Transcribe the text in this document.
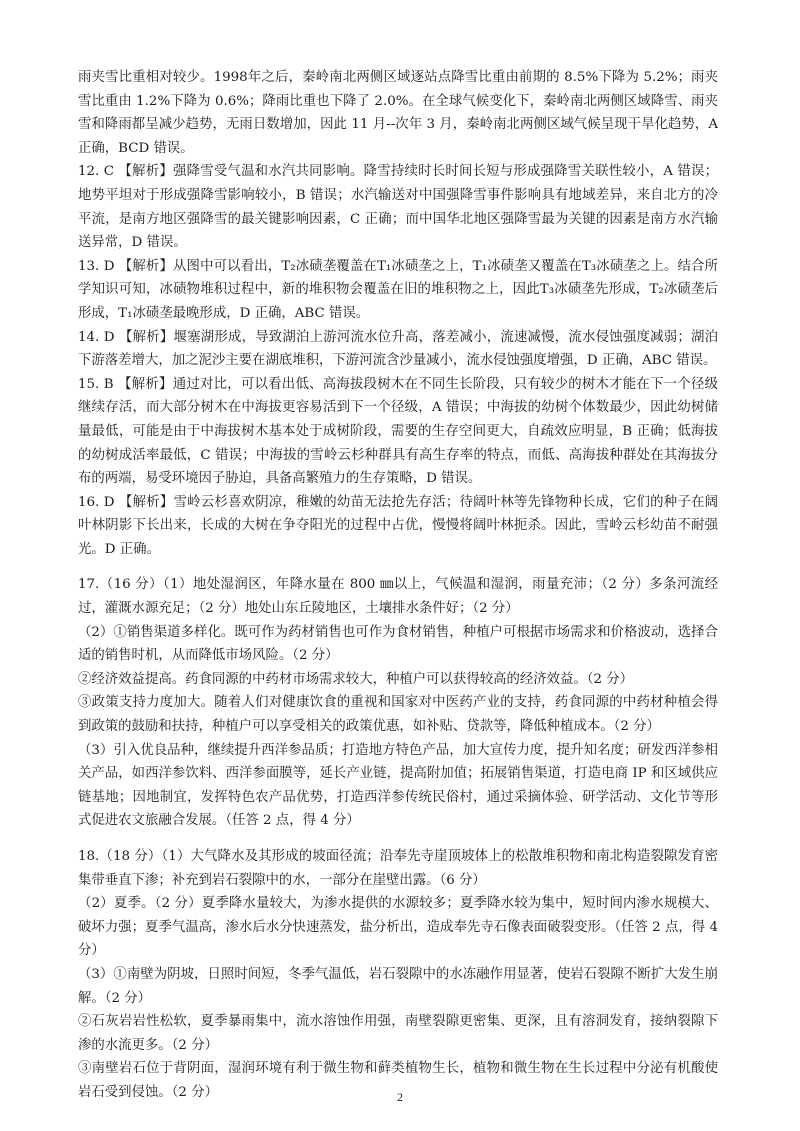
雨夹雪比重相对较少。1998年之后，秦岭南北两侧区域逐站点降雪比重由前期的 8.5%下降为 5.2%；雨夹雪比重由 1.2%下降为 0.6%；降雨比重也下降了 2.0%。在全球气候变化下，秦岭南北两侧区域降雪、雨夹雪和降雨都呈减少趋势，无雨日数增加，因此 11 月--次年 3 月，秦岭南北两侧区域气候呈现干旱化趋势，A 正确，BCD 错误。

12. C 【解析】强降雪受气温和水汽共同影响。降雪持续时长时间长短与形成强降雪关联性较小，A 错误；地势平坦对于形成强降雪影响较小，B 错误；水汽输送对中国强降雪事件影响具有地域差异，来自北方的冷平流，是南方地区强降雪的最关键影响因素，C 正确；而中国华北地区强降雪最为关键的因素是南方水汽输送异常，D 错误。

13. D 【解析】从图中可以看出，T₂冰碛垄覆盖在T₁冰碛垄之上，T₁冰碛垄又覆盖在T₃冰碛垄之上。结合所学知识可知，冰碛物堆积过程中，新的堆积物会覆盖在旧的堆积物之上，因此T₃冰碛垄先形成，T₂冰碛垄后形成，T₁冰碛垄最晚形成，D 正确，ABC 错误。

14. D 【解析】堰塞湖形成，导致湖泊上游河流水位升高，落差减小，流速减慢，流水侵蚀强度减弱；湖泊下游落差增大，加之泥沙主要在湖底堆积，下游河流含沙量减小，流水侵蚀强度增强，D 正确，ABC 错误。

15. B 【解析】通过对比，可以看出低、高海拔段树木在不同生长阶段，只有较少的树木才能在下一个径级继续存活，而大部分树木在中海拔更容易活到下一个径级，A 错误；中海拔的幼树个体数最少，因此幼树储量最低，可能是由于中海拔树木基本处于成树阶段，需要的生存空间更大，自疏效应明显，B 正确；低海拔的幼树成活率最低，C 错误；中海拔的雪岭云杉种群具有高生存率的特点，而低、高海拔种群处在其海拔分布的两端，易受环境因子胁迫，具备高繁殖力的生存策略，D 错误。

16. D 【解析】雪岭云杉喜欢阴凉，稚嫩的幼苗无法抢先存活；待阔叶林等先锋物种长成，它们的种子在阔叶林阴影下长出来，长成的大树在争夺阳光的过程中占优，慢慢将阔叶林扼杀。因此，雪岭云杉幼苗不耐强光。D 正确。

17.（16 分）（1）地处湿润区，年降水量在 800 ㎜以上，气候温和湿润，雨量充沛；（2 分）多条河流经过，灌溉水源充足；（2 分）地处山东丘陵地区，土壤排水条件好；（2 分）

（2）①销售渠道多样化。既可作为药材销售也可作为食材销售，种植户可根据市场需求和价格波动，选择合适的销售时机，从而降低市场风险。（2 分）

②经济效益提高。药食同源的中药材市场需求较大，种植户可以获得较高的经济效益。（2 分）

③政策支持力度加大。随着人们对健康饮食的重视和国家对中医药产业的支持，药食同源的中药材种植会得到政策的鼓励和扶持，种植户可以享受相关的政策优惠，如补贴、贷款等，降低种植成本。（2 分）

（3）引入优良品种，继续提升西洋参品质；打造地方特色产品，加大宣传力度，提升知名度；研发西洋参相关产品，如西洋参饮料、西洋参面膜等，延长产业链，提高附加值；拓展销售渠道，打造电商 IP 和区域供应链基地；因地制宜，发挥特色农产品优势，打造西洋参传统民俗村，通过采摘体验、研学活动、文化节等形式促进农文旅融合发展。（任答 2 点，得 4 分）

18.（18 分）（1）大气降水及其形成的坡面径流；沿奉先寺崖顶坡体上的松散堆积物和南北构造裂隙发育密集带垂直下渗；补充到岩石裂隙中的水，一部分在崖壁出露。（6 分）

（2）夏季。（2 分）夏季降水量较大，为渗水提供的水源较多；夏季降水较为集中，短时间内渗水规模大、破坏力强；夏季气温高，渗水后水分快速蒸发，盐分析出，造成奉先寺石像表面破裂变形。（任答 2 点，得 4 分）

（3）①南壁为阴坡，日照时间短，冬季气温低，岩石裂隙中的水冻融作用显著，使岩石裂隙不断扩大发生崩解。（2 分）

②石灰岩岩性松软，夏季暴雨集中，流水溶蚀作用强，南壁裂隙更密集、更深，且有溶洞发育，接纳裂隙下渗的水流更多。（2 分）

③南壁岩石位于背阴面，湿润环境有利于微生物和藓类植物生长，植物和微生物在生长过程中分泌有机酸使岩石受到侵蚀。（2 分）	2
